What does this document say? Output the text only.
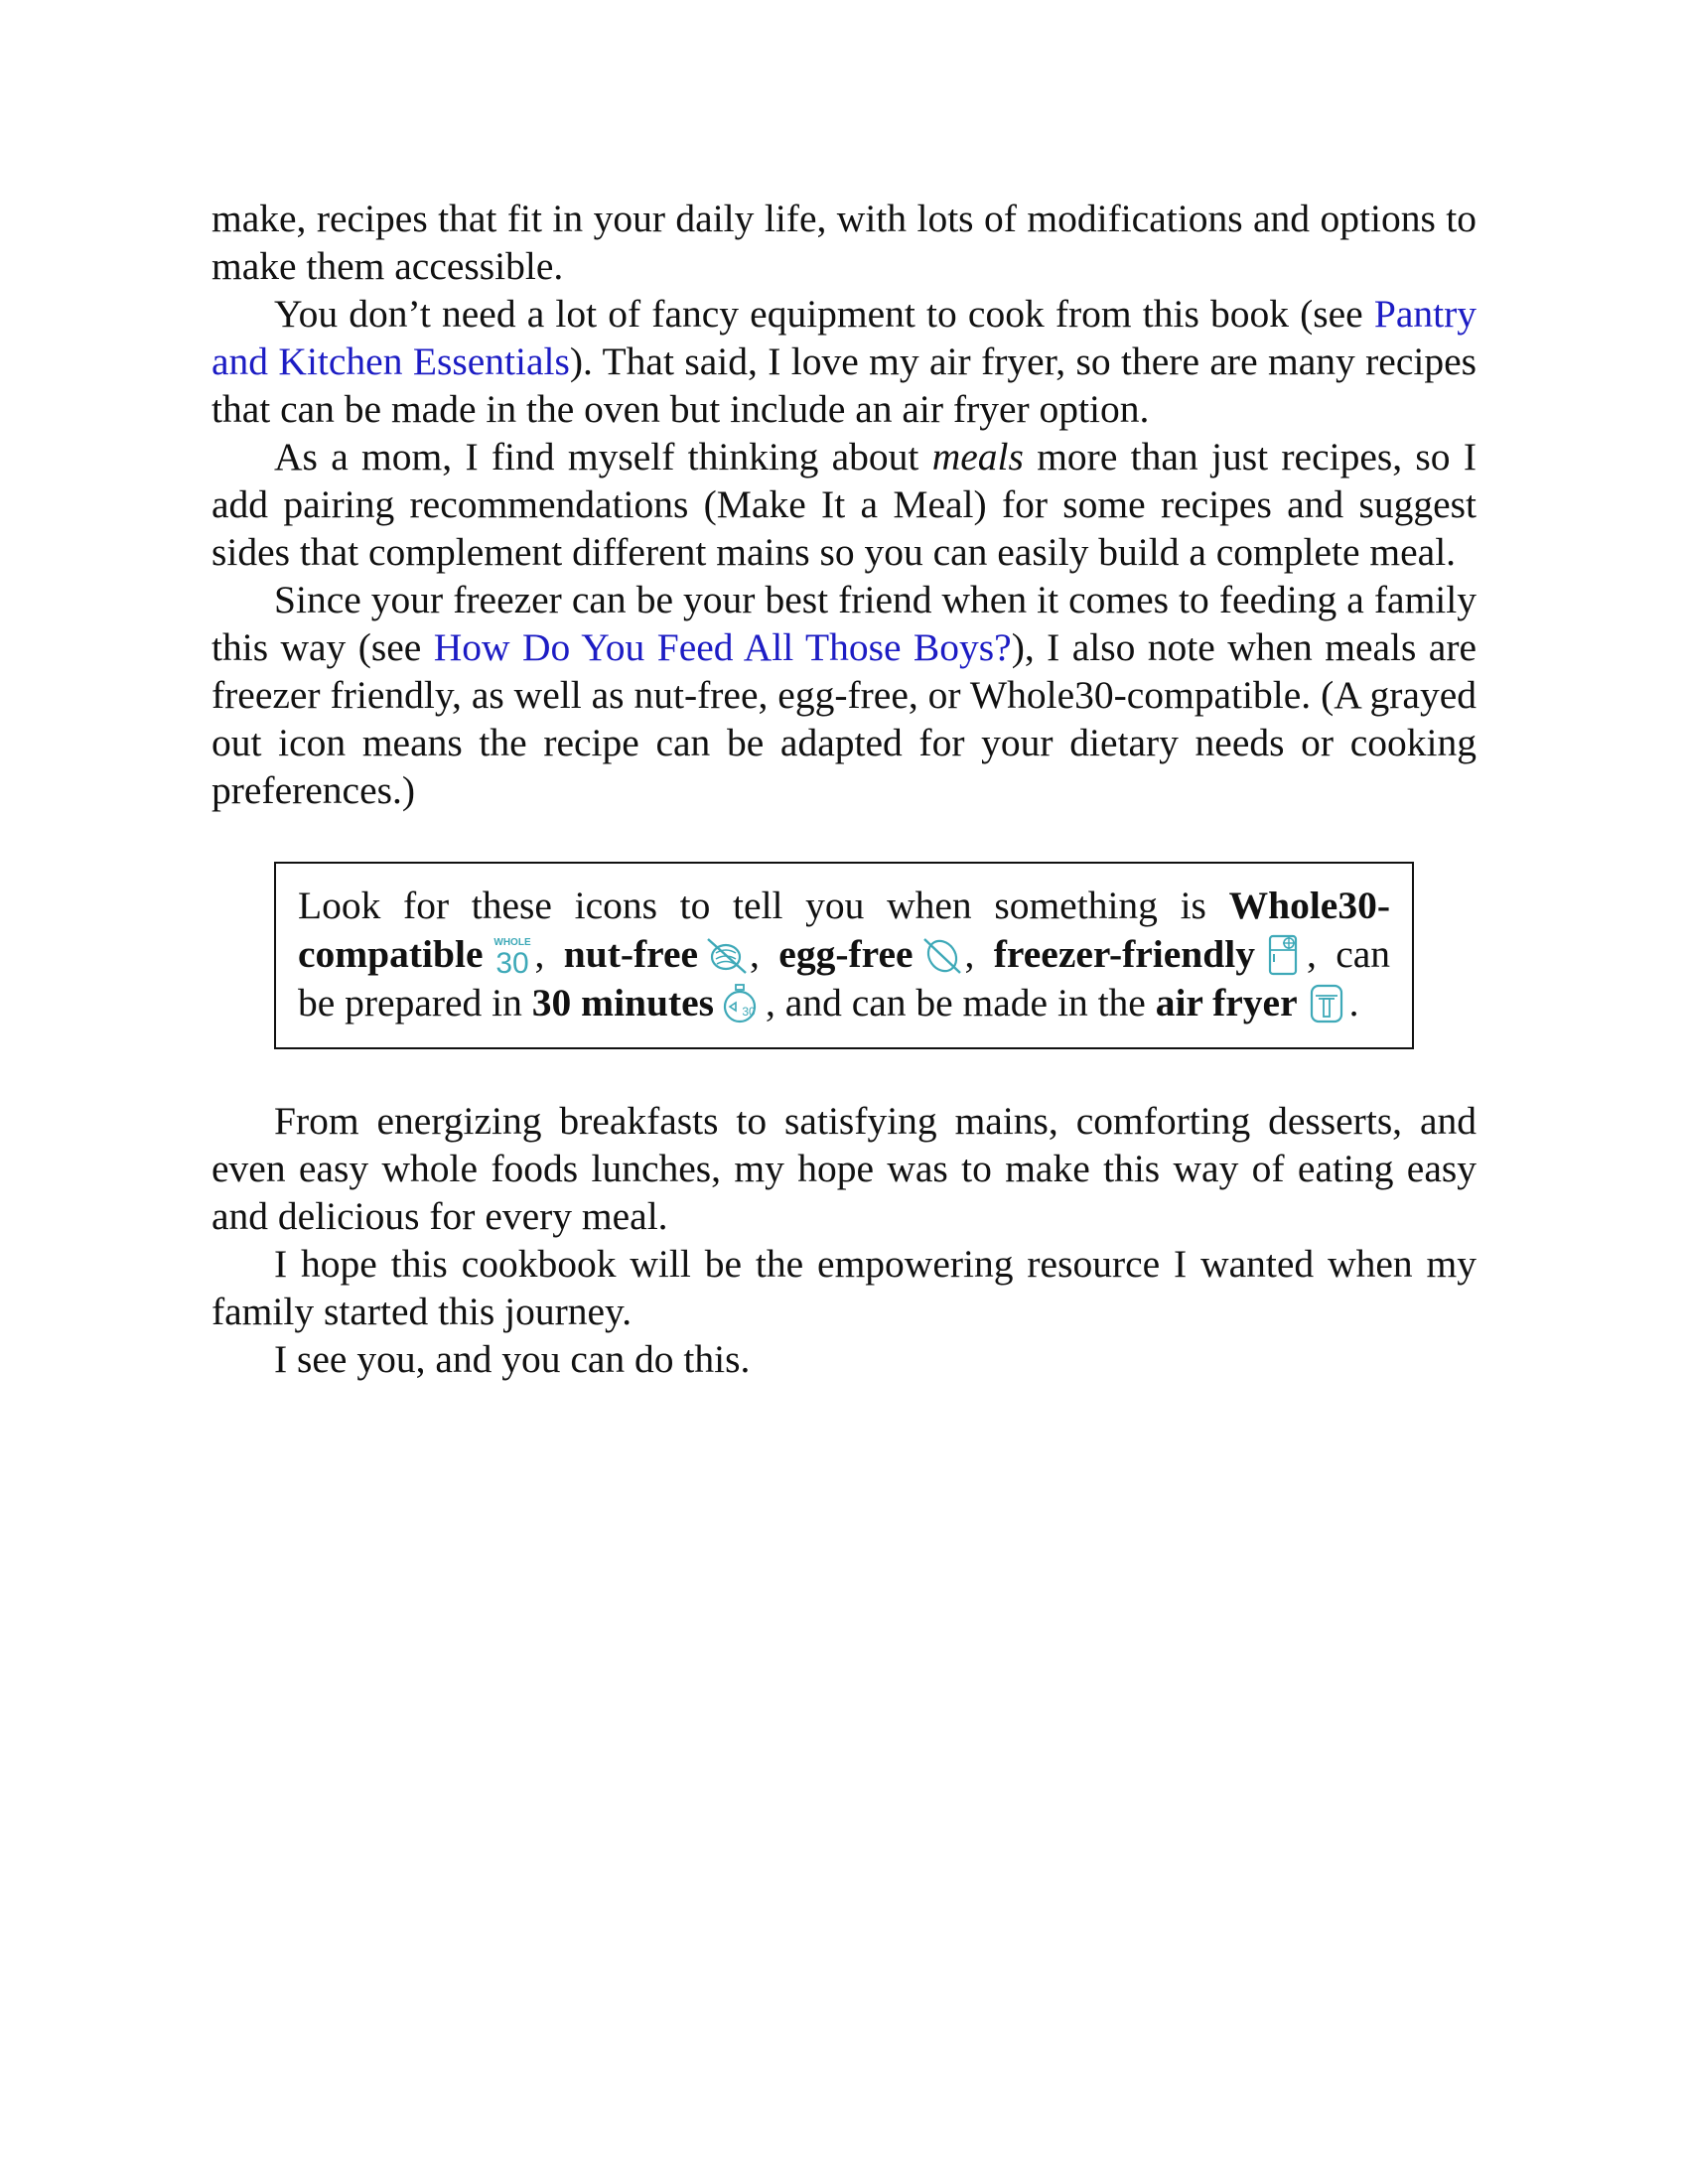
make, recipes that fit in your daily life, with lots of modifications and options to make them accessible.

You don’t need a lot of fancy equipment to cook from this book (see Pantry and Kitchen Essentials). That said, I love my air fryer, so there are many recipes that can be made in the oven but include an air fryer option.

As a mom, I find myself thinking about meals more than just recipes, so I add pairing recommendations (Make It a Meal) for some recipes and suggest sides that complement different mains so you can easily build a complete meal.

Since your freezer can be your best friend when it comes to feeding a family this way (see How Do You Feed All Those Boys?), I also note when meals are freezer friendly, as well as nut-free, egg-free, or Whole30-compatible. (A grayed out icon means the recipe can be adapted for your dietary needs or cooking preferences.)

Look for these icons to tell you when something is Whole30-compatible WHOLE
30 , nut-free , egg-free , freezer-friendly , can be prepared in 30 minutes 30 , and can be made in the air fryer .

From energizing breakfasts to satisfying mains, comforting desserts, and even easy whole foods lunches, my hope was to make this way of eating easy and delicious for every meal.

I hope this cookbook will be the empowering resource I wanted when my family started this journey.

I see you, and you can do this.
